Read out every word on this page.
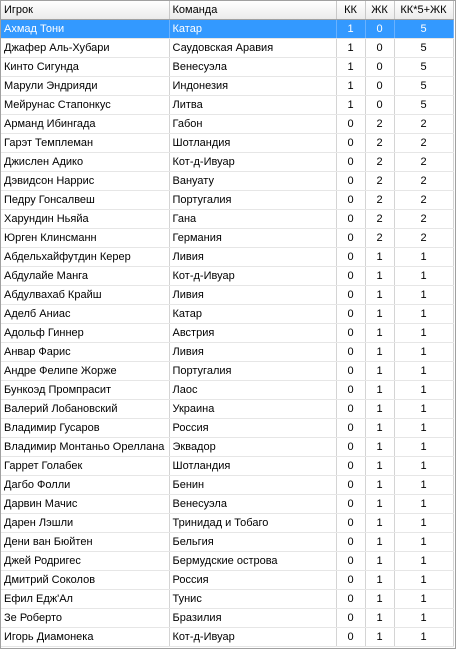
Игрок	Команда	КК	ЖК	КК*5+ЖК
Ахмад Тони	Катар	1	0	5
Джафер Аль-Хубари	Саудовская Аравия	1	0	5
Кинто Сигунда	Венесуэла	1	0	5
Марули Эндрияди	Индонезия	1	0	5
Мейрунас Стапонкус	Литва	1	0	5
Арманд Ибингада	Габон	0	2	2
Гарэт Темплеман	Шотландия	0	2	2
Джислен Адико	Кот-д-Ивуар	0	2	2
Дэвидсон Наррис	Вануату	0	2	2
Педру Гонсалвеш	Португалия	0	2	2
Харундин Ньяйа	Гана	0	2	2
Юрген Клинсманн	Германия	0	2	2
Абдельхайфутдин Керер	Ливия	0	1	1
Абдулайе Манга	Кот-д-Ивуар	0	1	1
Абдулвахаб Крайш	Ливия	0	1	1
Аделб Аниас	Катар	0	1	1
Адольф Гиннер	Австрия	0	1	1
Анвар Фарис	Ливия	0	1	1
Андре Фелипе Жорже	Португалия	0	1	1
Бункоэд Промпрасит	Лаос	0	1	1
Валерий Лобановский	Украина	0	1	1
Владимир Гусаров	Россия	0	1	1
Владимир Монтаньо Ореллана	Эквадор	0	1	1
Гаррет Голабек	Шотландия	0	1	1
Дагбо Фолли	Бенин	0	1	1
Дарвин Мачис	Венесуэла	0	1	1
Дарен Лэшли	Тринидад и Тобаго	0	1	1
Дени ван Бюйтен	Бельгия	0	1	1
Джей Родригес	Бермудские острова	0	1	1
Дмитрий Соколов	Россия	0	1	1
Ефил Едж'Ал	Тунис	0	1	1
Зе Роберто	Бразилия	0	1	1
Игорь Диамонека	Кот-д-Ивуар	0	1	1
